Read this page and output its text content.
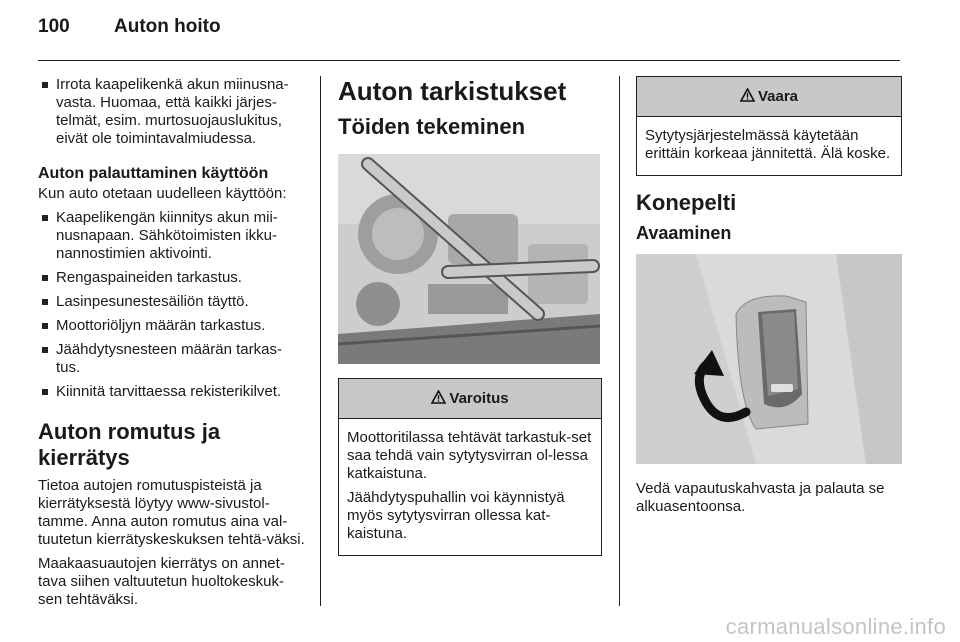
100	Auton hoito
Irrota kaapelikenkä akun miinusna-vasta. Huomaa, että kaikki järjes-telmät, esim. murtosuojauslukitus, eivät ole toimintavalmiudessa.
Auton palauttaminen käyttöön
Kun auto otetaan uudelleen käyttöön:
Kaapelikengän kiinnitys akun mii-nusnapaan. Sähkötoimisten ikku-nannostimien aktivointi.
Rengaspaineiden tarkastus.
Lasinpesunestesäiliön täyttö.
Moottoriöljyn määrän tarkastus.
Jäähdytysnesteen määrän tarkas-tus.
Kiinnitä tarvittaessa rekisterikilvet.
Auton romutus ja kierrätys
Tietoa autojen romutuspisteistä ja kierrätyksestä löytyy www-sivustol-tamme. Anna auton romutus aina val-tuutetun kierrätyskeskuksen tehtä-väksi.
Maakaasuautojen kierrätys on annet-tava siihen valtuutetun huoltokeskuk-sen tehtäväksi.
Auton tarkistukset
Töiden tekeminen
Varoitus
Moottoritilassa tehtävät tarkastuk-set saa tehdä vain sytytysvirran ol-lessa katkaistuna.
Jäähdytyspuhallin voi käynnistyä myös sytytysvirran ollessa kat-kaistuna.
Vaara
Sytytysjärjestelmässä käytetään erittäin korkeaa jännitettä. Älä koske.
Konepelti
Avaaminen
Vedä vapautuskahvasta ja palauta se alkuasentoonsa.
carmanualsonline.info
